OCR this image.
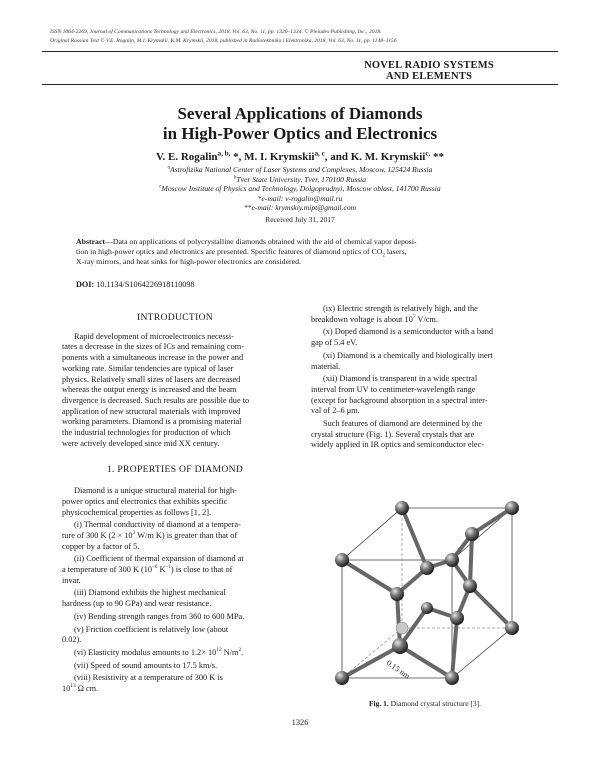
ISSN 1064-2269, Journal of Communications Technology and Electronics, 2018, Vol. 63, No. 11, pp. 1326–1334. © Pleiades Publishing, Inc., 2018.
Original Russian Text © V.E. Rogalin, M.I. Krymskii, K.M. Krymskii, 2018, published in Radiotekhnika i Elektronika, 2018, Vol. 63, No. 11, pp. 1148–1156.
NOVEL RADIO SYSTEMS
AND ELEMENTS
Several Applications of Diamonds
in High-Power Optics and Electronics
V. E. Rogalin$^{a, b,}$ *, M. I. Krymskii$^{a, c}$, and K. M. Krymskii$^{c,}$ **
$^a$Astrofizika National Center of Laser Systems and Complexes, Moscow, 125424 Russia
$^b$Tver State University, Tver, 170100 Russia
$^c$Moscow Institute of Physics and Technology, Dolgoprudnyi, Moscow oblast, 141700 Russia
*e-mail: v-rogalin@mail.ru
**e-mail: krymskiy.mipt@gmail.com
Received July 31, 2017
Abstract—Data on applications of polycrystalline diamonds obtained with the aid of chemical vapor deposi-
tion in high-power optics and electronics are presented. Specific features of diamond optics of $CO_2$ lasers,
X-ray mirrors, and heat sinks for high-power electronics are considered.
DOI: 10.1134/S1064226918110098
INTRODUCTION
Rapid development of microelectronics necessi-
tates a decrease in the sizes of ICs and remaining com-
ponents with a simultaneous increase in the power and
working rate. Similar tendencies are typical of laser
physics. Relatively small sizes of lasers are decreased
whereas the output energy is increased and the beam
divergence is decreased. Such results are possible due to
application of new structural materials with improved
working parameters. Diamond is a promising material
the industrial technologies for production of which
were actively developed since mid XX century.
1. PROPERTIES OF DIAMOND
Diamond is a unique structural material for high-
power optics and electronics that exhibits specific
physicochemical properties as follows [1, 2].
(i) Thermal conductivity of diamond at a tempera-
ture of 300 K ($2 \times 10^3$ W/m K) is greater than that of
copper by a factor of 5.
(ii) Coefficient of thermal expansion of diamond at
a temperature of 300 K ($10^{-6}$ $K^{-1}$) is close to that of
invar.
(iii) Diamond exhibits the highest mechanical
hardness (up to 90 GPa) and wear resistance.
(iv) Bending strength ranges from 360 to 600 MPa.
(v) Friction coefficient is relatively low (about
0.02).
(vi) Elasticity modulus amounts to $1.2\times 10^{12}$ $N/m^2$.
(vii) Speed of sound amounts to 17.5 km/s.
(viii) Resistivity at a temperature of 300 K is
$10^{13}$ Ω cm.
(ix) Electric strength is relatively high, and the
breakdown voltage is about $10^7$ V/cm.
(x) Doped diamond is a semiconductor with a band
gap of 5.4 eV.
(xi) Diamond is a chemically and biologically inert
material.
(xii) Diamond is transparent in a wide spectral
interval from UV to centimeter-wavelength range
(except for background absorption in a spectral inter-
val of 2–6 μm.
Such features of diamond are determined by the
crystal structure (Fig. 1). Several crystals that are
widely applied in IR optics and semiconductor elec-
0.15 nm
Fig. 1. Diamond crystal structure [3].
1326
